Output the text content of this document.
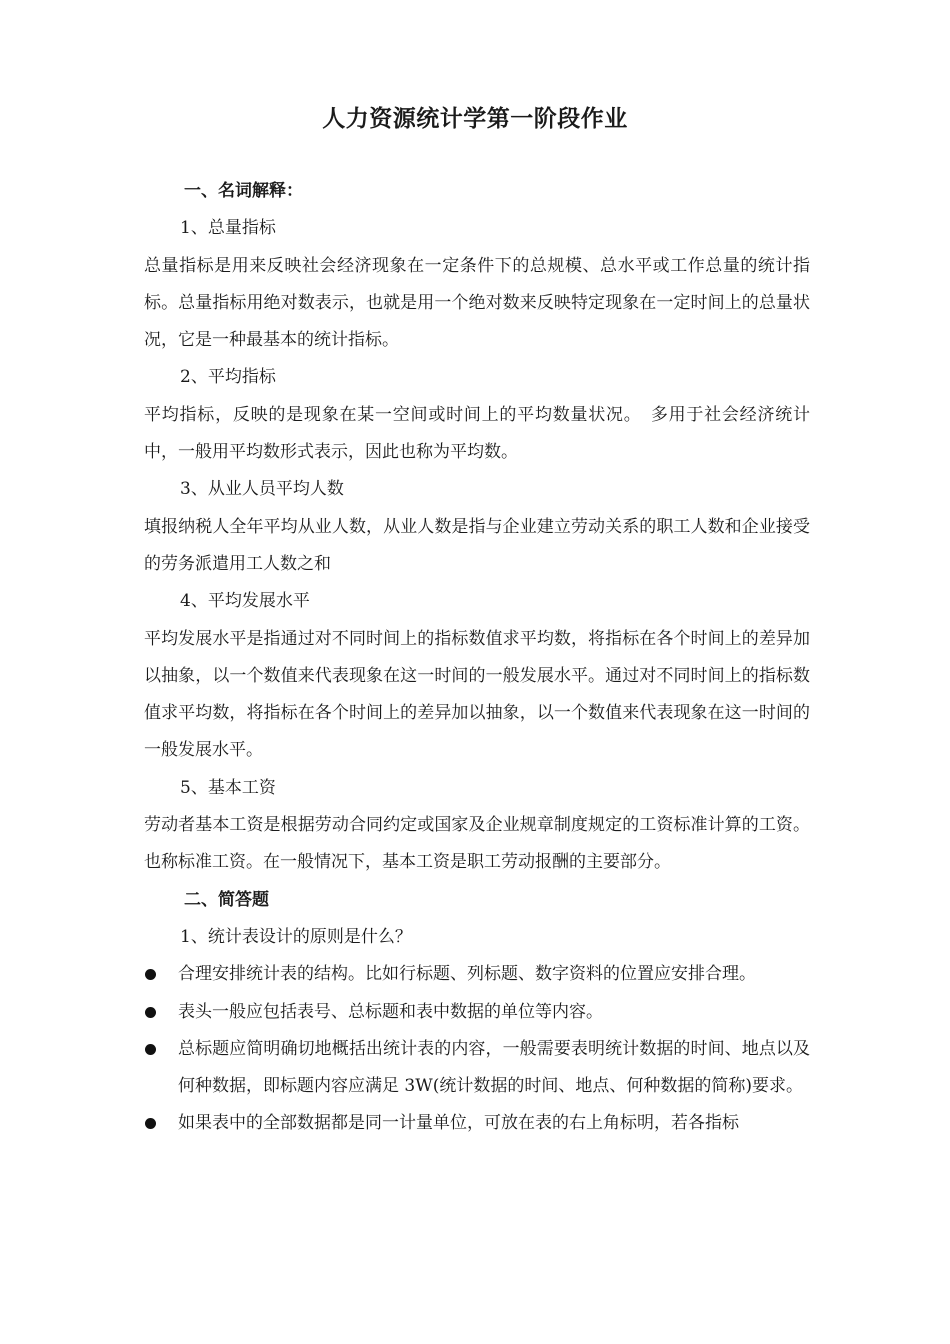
人力资源统计学第一阶段作业
一、名词解释：
1、总量指标
总量指标是用来反映社会经济现象在一定条件下的总规模、总水平或工作总量的统计指标。总量指标用绝对数表示，也就是用一个绝对数来反映特定现象在一定时间上的总量状况，它是一种最基本的统计指标。
2、平均指标
平均指标，反映的是现象在某一空间或时间上的平均数量状况。　多用于社会经济统计中，一般用平均数形式表示，因此也称为平均数。
3、从业人员平均人数
填报纳税人全年平均从业人数，从业人数是指与企业建立劳动关系的职工人数和企业接受的劳务派遣用工人数之和
4、平均发展水平
平均发展水平是指通过对不同时间上的指标数值求平均数，将指标在各个时间上的差异加以抽象，以一个数值来代表现象在这一时间的一般发展水平。通过对不同时间上的指标数值求平均数，将指标在各个时间上的差异加以抽象，以一个数值来代表现象在这一时间的一般发展水平。
5、基本工资
劳动者基本工资是根据劳动合同约定或国家及企业规章制度规定的工资标准计算的工资。也称标准工资。在一般情况下，基本工资是职工劳动报酬的主要部分。
二、简答题
1、统计表设计的原则是什么？
合理安排统计表的结构。比如行标题、列标题、数字资料的位置应安排合理。
表头一般应包括表号、总标题和表中数据的单位等内容。
总标题应简明确切地概括出统计表的内容，一般需要表明统计数据的时间、地点以及何种数据，即标题内容应满足 3W(统计数据的时间、地点、何种数据的简称)要求。
如果表中的全部数据都是同一计量单位，可放在表的右上角标明，若各指标
